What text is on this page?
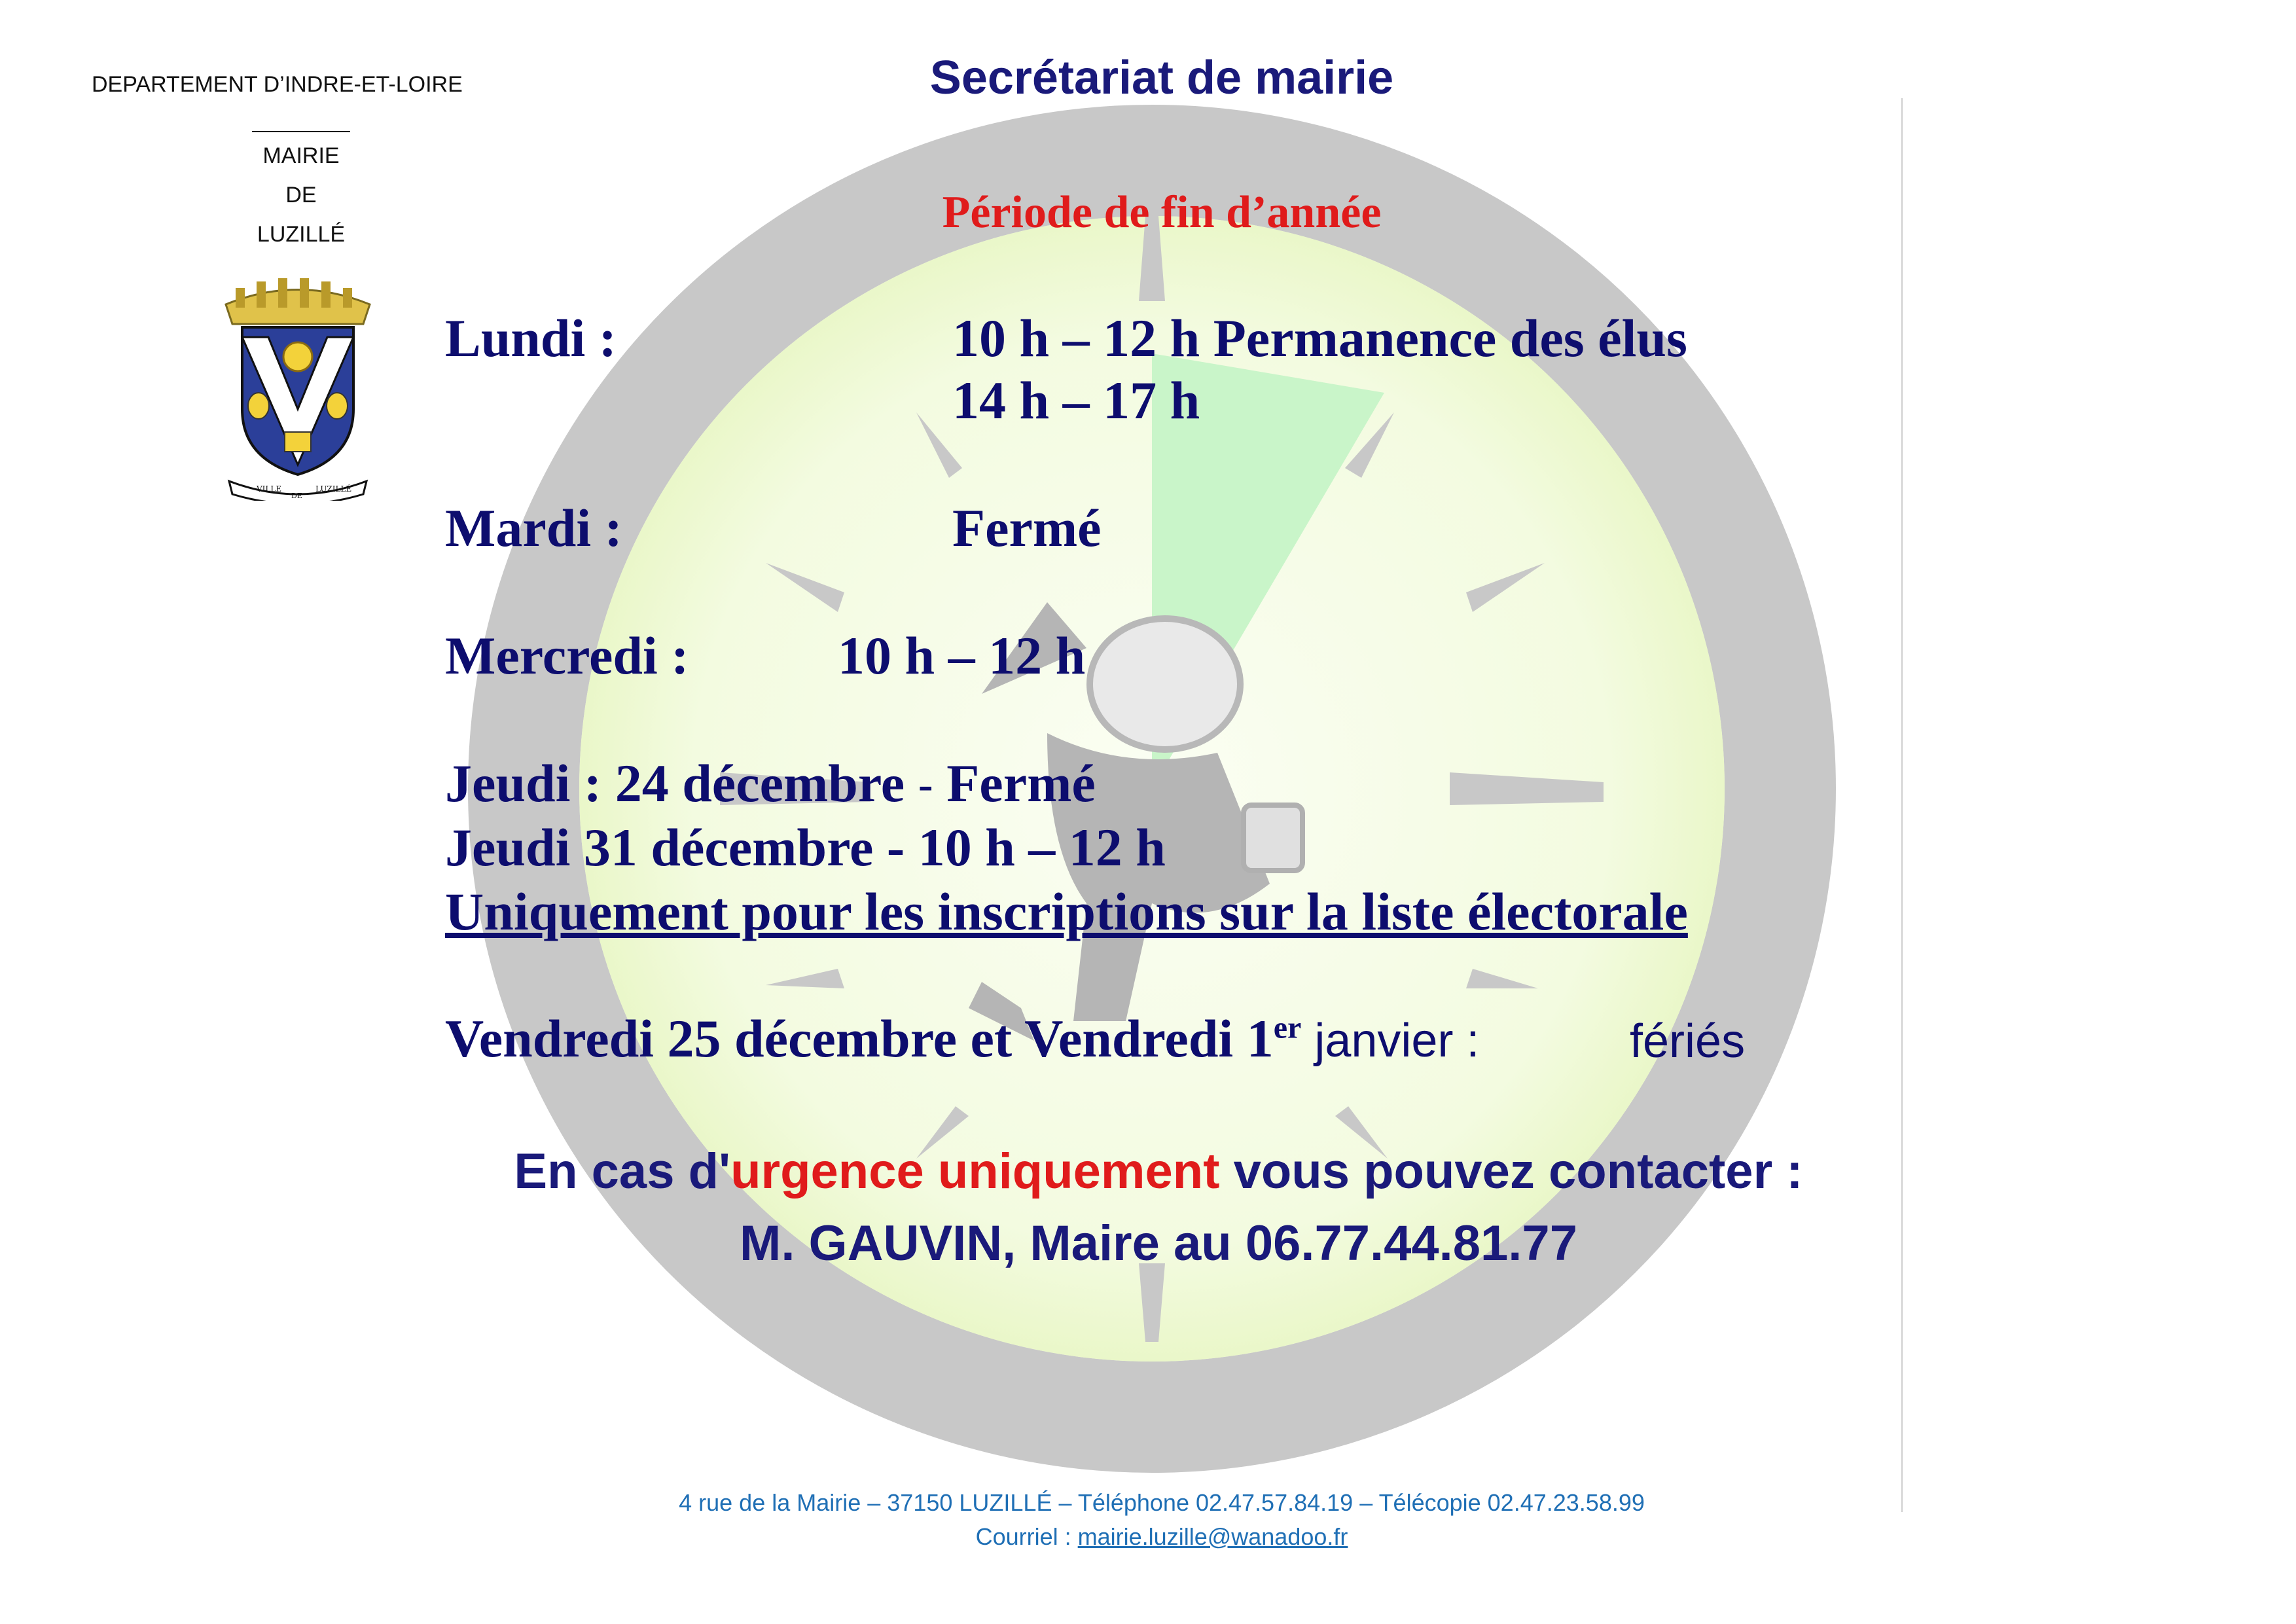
DEPARTEMENT D’INDRE-ET-LOIRE
MAIRIE
DE
LUZILLÉ
VILLE
DE
LUZILLÉ
Secrétariat de mairie
Période de fin d’année
Lundi :	10 h – 12 h Permanence des élus
14 h – 17 h
Mardi :	Fermé
Mercredi :	10 h – 12 h
Jeudi : 24 décembre - Fermé
Jeudi 31 décembre - 10 h – 12 h
Uniquement pour les inscriptions sur la liste électorale
Vendredi 25 décembre et Vendredi 1er janvier :	fériés
En cas d'urgence uniquement vous pouvez contacter :
M. GAUVIN, Maire au 06.77.44.81.77
4 rue de la Mairie – 37150 LUZILLÉ – Téléphone 02.47.57.84.19 – Télécopie 02.47.23.58.99
Courriel : mairie.luzille@wanadoo.fr
